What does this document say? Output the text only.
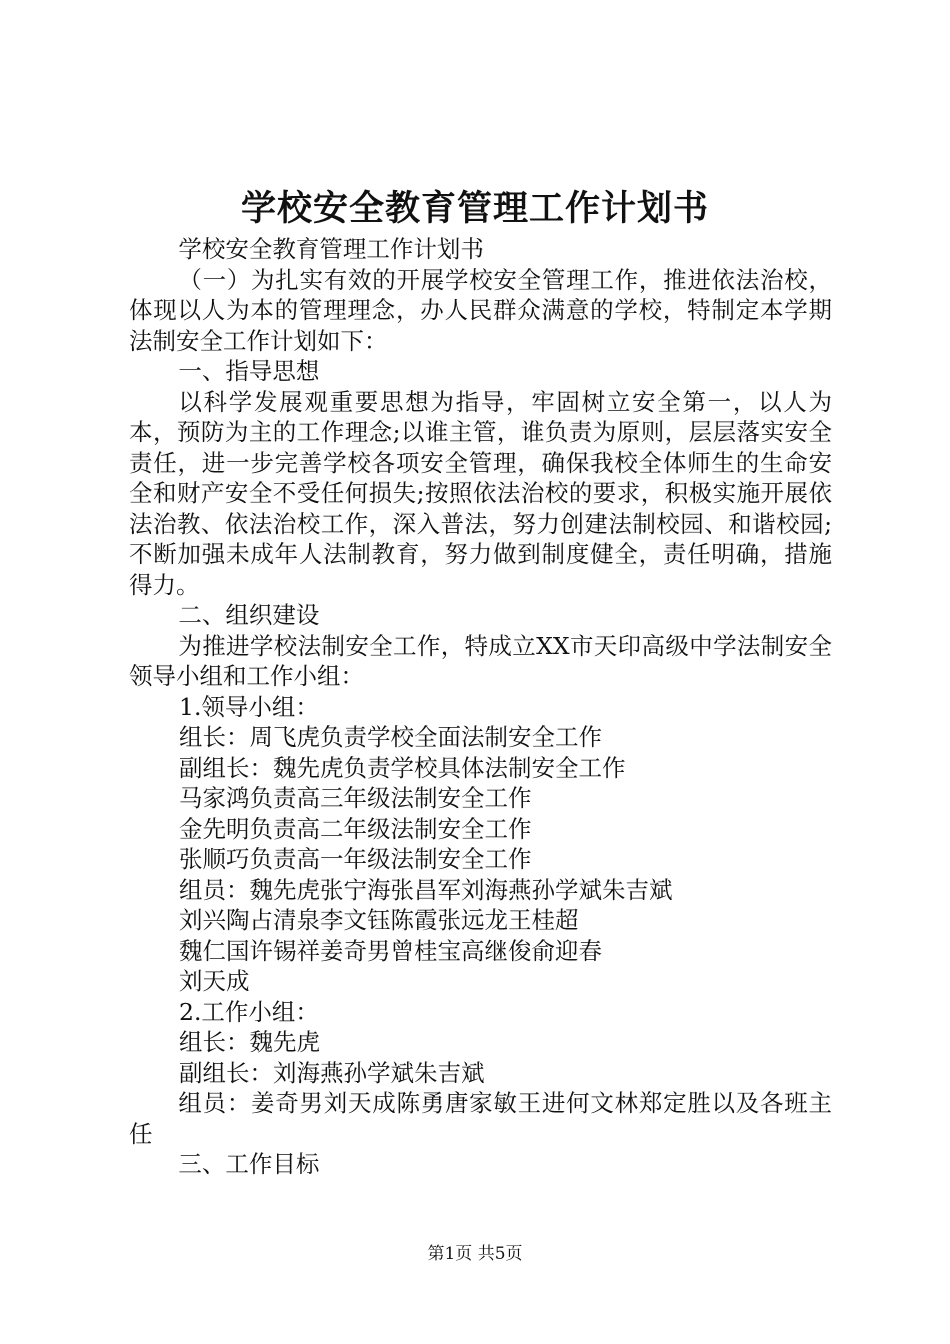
学校安全教育管理工作计划书

学校安全教育管理工作计划书

（一）为扎实有效的开展学校安全管理工作，推进依法治校，体现以人为本的管理理念，办人民群众满意的学校，特制定本学期法制安全工作计划如下：

一、指导思想

以科学发展观重要思想为指导，牢固树立安全第一，以人为本，预防为主的工作理念;以谁主管，谁负责为原则，层层落实安全责任，进一步完善学校各项安全管理，确保我校全体师生的生命安全和财产安全不受任何损失;按照依法治校的要求，积极实施开展依法治教、依法治校工作，深入普法，努力创建法制校园、和谐校园;不断加强未成年人法制教育，努力做到制度健全，责任明确，措施得力。

二、组织建设

为推进学校法制安全工作，特成立XX市天印高级中学法制安全领导小组和工作小组：

1.领导小组：

组长：周飞虎负责学校全面法制安全工作

副组长：魏先虎负责学校具体法制安全工作

马家鸿负责高三年级法制安全工作

金先明负责高二年级法制安全工作

张顺巧负责高一年级法制安全工作

组员：魏先虎张宁海张昌军刘海燕孙学斌朱吉斌

刘兴陶占清泉李文钰陈霞张远龙王桂超

魏仁国许锡祥姜奇男曾桂宝高继俊俞迎春

刘天成

2.工作小组：

组长：魏先虎

副组长：刘海燕孙学斌朱吉斌

组员：姜奇男刘天成陈勇唐家敏王进何文林郑定胜以及各班主任

三、工作目标

第1页 共5页
